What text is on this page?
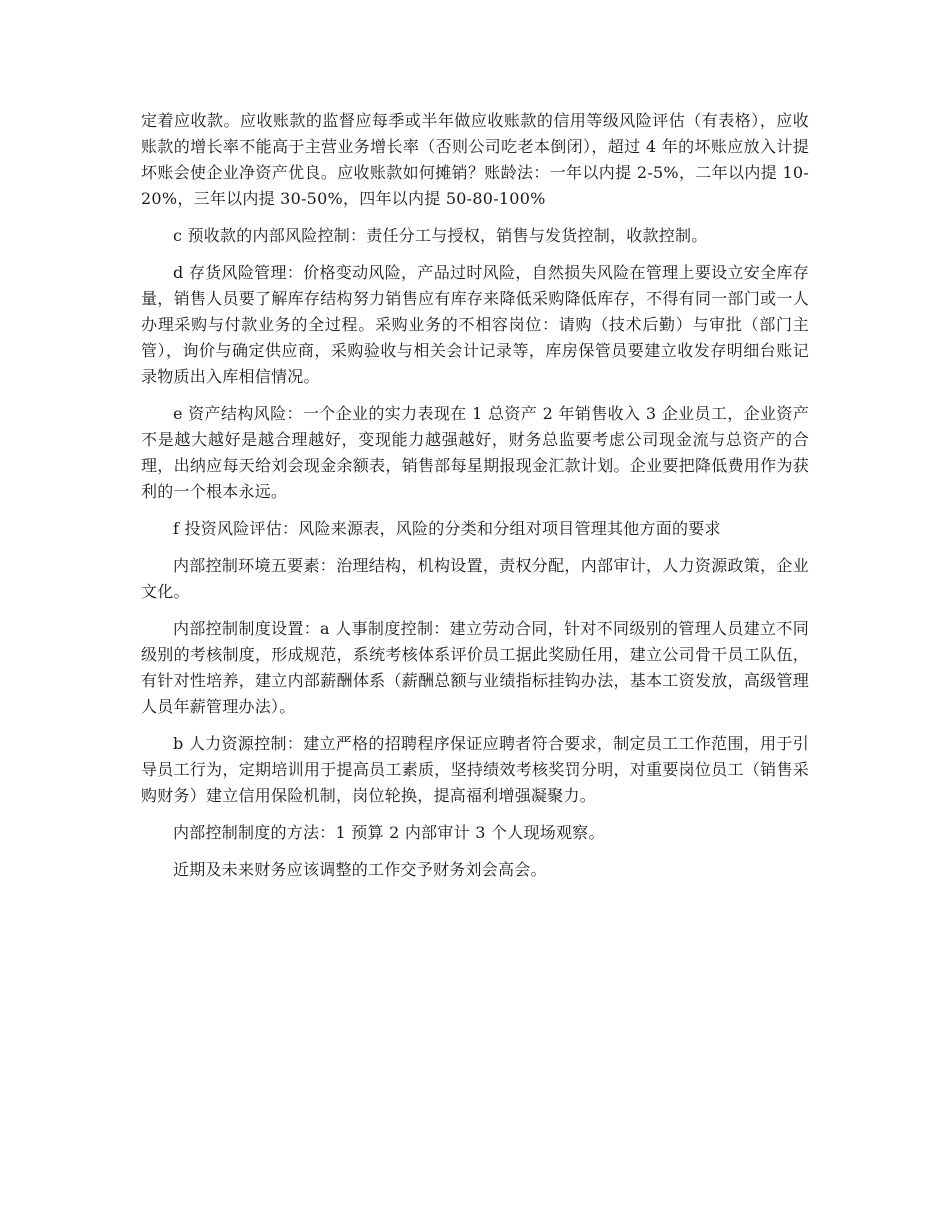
定着应收款。应收账款的监督应每季或半年做应收账款的信用等级风险评估（有表格），应收账款的增长率不能高于主营业务增长率（否则公司吃老本倒闭），超过 4 年的坏账应放入计提坏账会使企业净资产优良。应收账款如何摊销？账龄法：一年以内提 2-5%，二年以内提 10-20%，三年以内提 30-50%，四年以内提 50-80-100%

c 预收款的内部风险控制：责任分工与授权，销售与发货控制，收款控制。

d 存货风险管理：价格变动风险，产品过时风险，自然损失风险在管理上要设立安全库存量，销售人员要了解库存结构努力销售应有库存来降低采购降低库存，不得有同一部门或一人办理采购与付款业务的全过程。采购业务的不相容岗位：请购（技术后勤）与审批（部门主管），询价与确定供应商，采购验收与相关会计记录等，库房保管员要建立收发存明细台账记录物质出入库相信情况。

e 资产结构风险：一个企业的实力表现在 1 总资产 2 年销售收入 3 企业员工，企业资产不是越大越好是越合理越好，变现能力越强越好，财务总监要考虑公司现金流与总资产的合理，出纳应每天给刘会现金余额表，销售部每星期报现金汇款计划。企业要把降低费用作为获利的一个根本永远。

f 投资风险评估：风险来源表，风险的分类和分组对项目管理其他方面的要求

内部控制环境五要素：治理结构，机构设置，责权分配，内部审计，人力资源政策，企业文化。

内部控制制度设置：a 人事制度控制：建立劳动合同，针对不同级别的管理人员建立不同级别的考核制度，形成规范，系统考核体系评价员工据此奖励任用，建立公司骨干员工队伍，有针对性培养，建立内部薪酬体系（薪酬总额与业绩指标挂钩办法，基本工资发放，高级管理人员年薪管理办法）。

b 人力资源控制：建立严格的招聘程序保证应聘者符合要求，制定员工工作范围，用于引导员工行为，定期培训用于提高员工素质，坚持绩效考核奖罚分明，对重要岗位员工（销售采购财务）建立信用保险机制，岗位轮换，提高福利增强凝聚力。

内部控制制度的方法：1 预算 2 内部审计 3 个人现场观察。

近期及未来财务应该调整的工作交予财务刘会高会。
